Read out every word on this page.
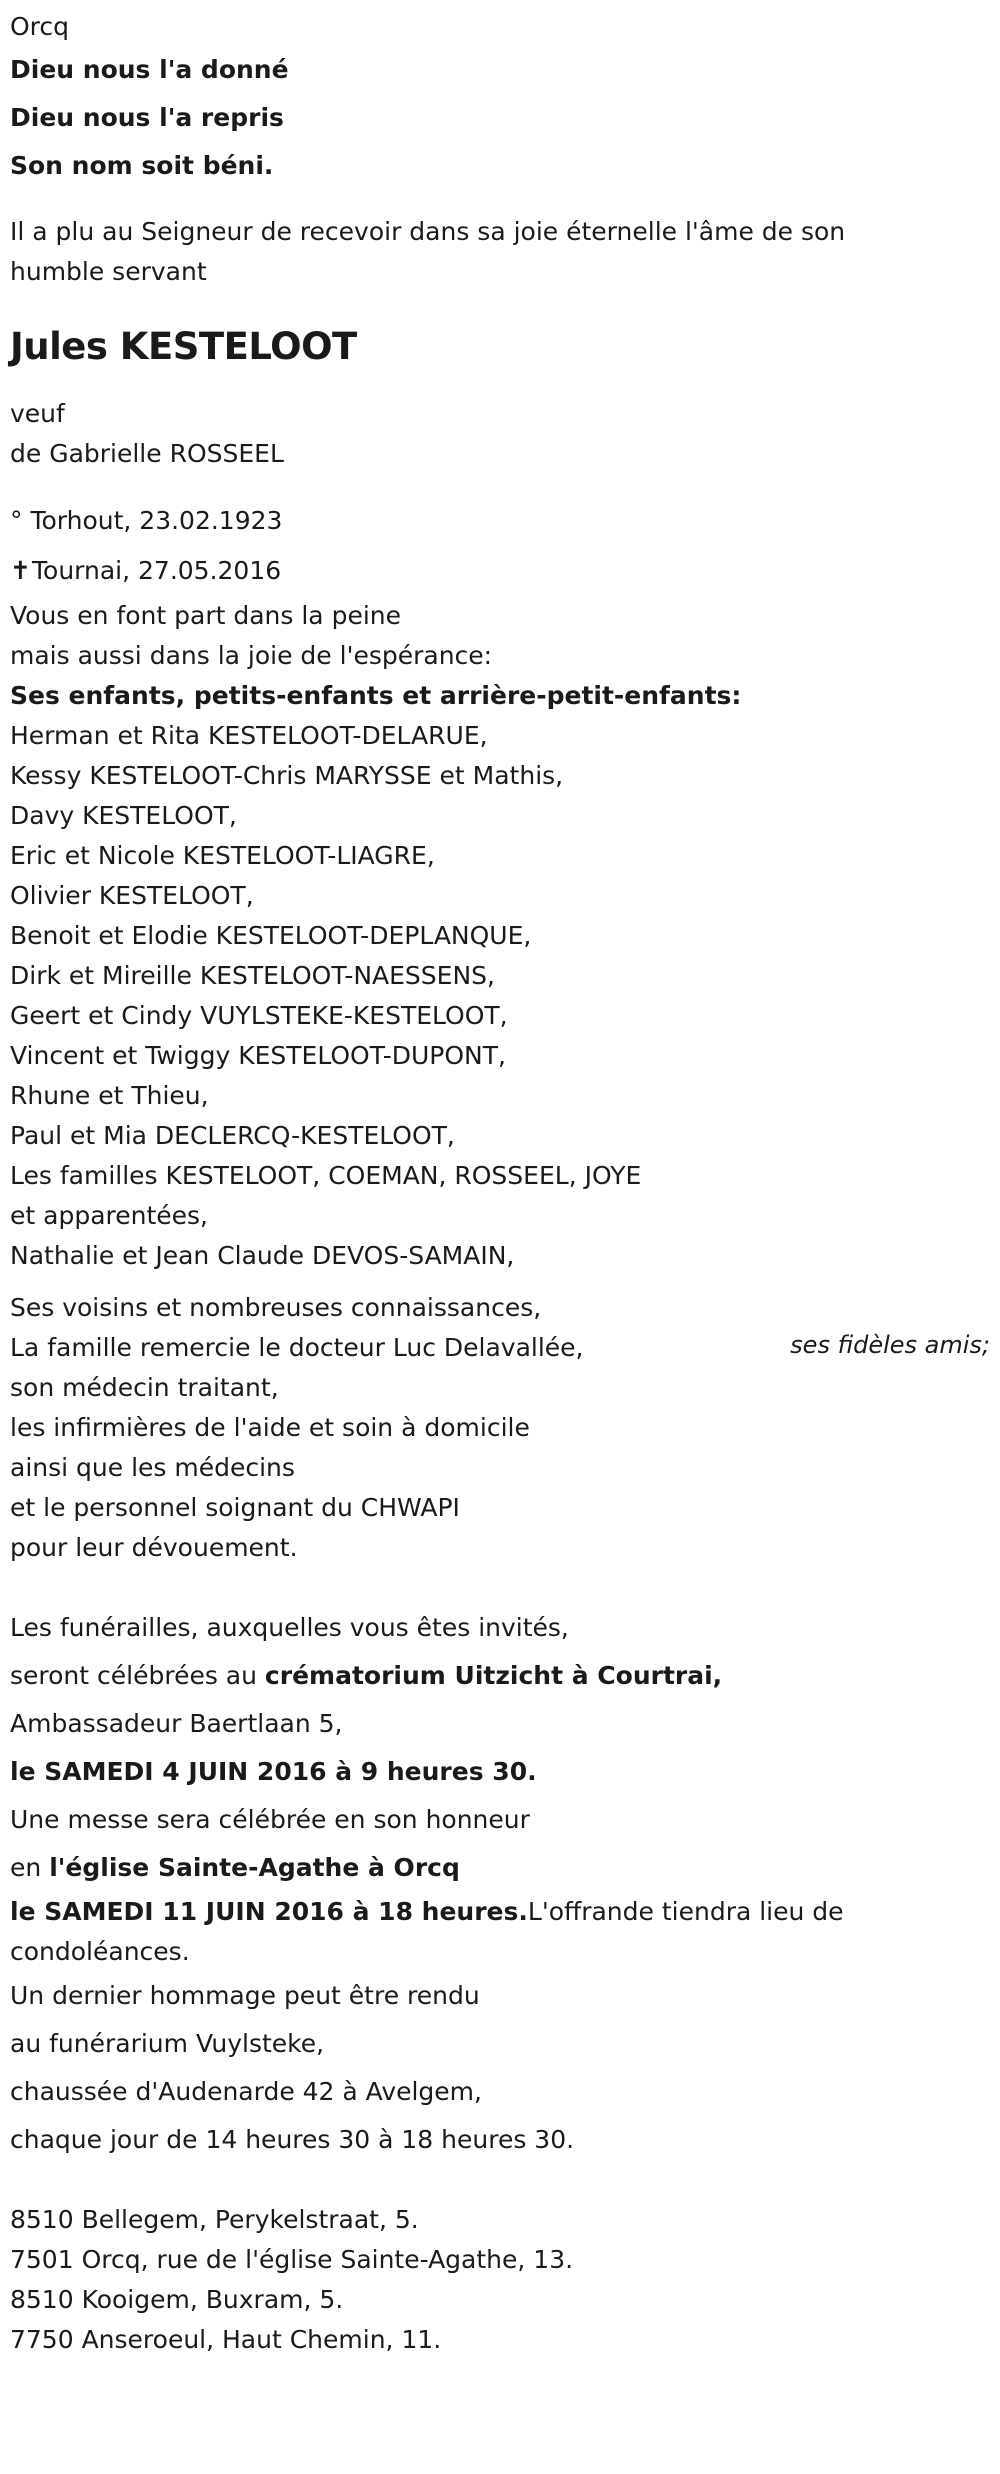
Orcq
Dieu nous l'a donné
Dieu nous l'a repris
Son nom soit béni.
Il a plu au Seigneur de recevoir dans sa joie éternelle l'âme de son humble servant
Jules KESTELOOT
veuf
de Gabrielle ROSSEEL
° Torhout, 23.02.1923
✝Tournai, 27.05.2016
Vous en font part dans la peine
mais aussi dans la joie de l'espérance:
Ses enfants, petits-enfants et arrière-petit-enfants:
Herman et Rita KESTELOOT-DELARUE,
Kessy KESTELOOT-Chris MARYSSE et Mathis,
Davy KESTELOOT,
Eric et Nicole KESTELOOT-LIAGRE,
Olivier KESTELOOT,
Benoit et Elodie KESTELOOT-DEPLANQUE,
Dirk et Mireille KESTELOOT-NAESSENS,
Geert et Cindy VUYLSTEKE-KESTELOOT,
Vincent et Twiggy KESTELOOT-DUPONT,
Rhune et Thieu,
Paul et Mia DECLERCQ-KESTELOOT,
Les familles KESTELOOT, COEMAN, ROSSEEL, JOYE
et apparentées,
Nathalie et Jean Claude DEVOS-SAMAIN,
Ses voisins et nombreuses connaissances,
La famille remercie le docteur Luc Delavallée,
son médecin traitant,
les infirmières de l'aide et soin à domicile
ainsi que les médecins
et le personnel soignant du CHWAPI
pour leur dévouement.
Les funérailles, auxquelles vous êtes invités,
seront célébrées au crématorium Uitzicht à Courtrai,
Ambassadeur Baertlaan 5,
le SAMEDI 4 JUIN 2016 à 9 heures 30.
Une messe sera célébrée en son honneur
en l'église Sainte-Agathe à Orcq
le SAMEDI 11 JUIN 2016 à 18 heures.L'offrande tiendra lieu de condoléances.
Un dernier hommage peut être rendu
au funérarium Vuylsteke,
chaussée d'Audenarde 42 à Avelgem,
chaque jour de 14 heures 30 à 18 heures 30.
8510 Bellegem, Perykelstraat, 5.
7501 Orcq, rue de l'église Sainte-Agathe, 13.
8510 Kooigem, Buxram, 5.
7750 Anseroeul, Haut Chemin, 11.
ses fidèles amis;
